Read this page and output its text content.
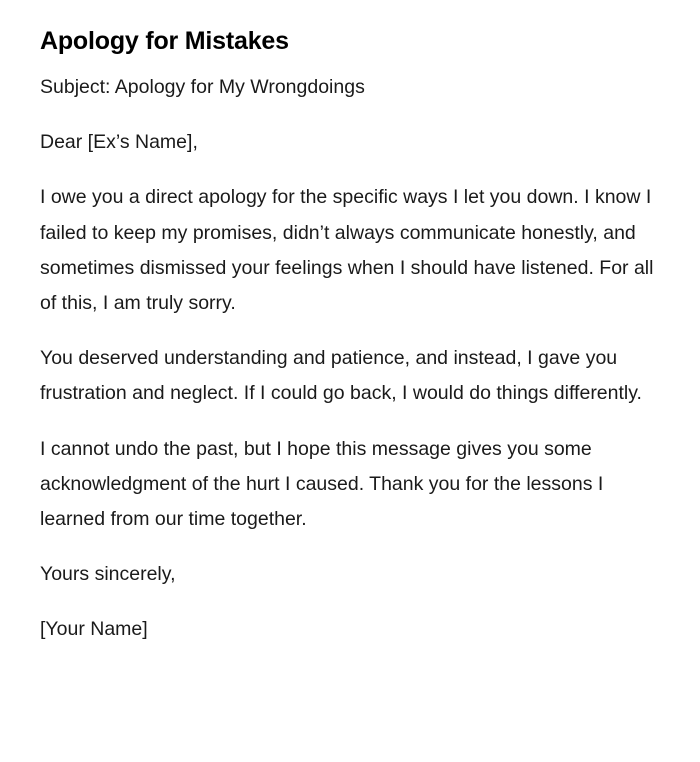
Apology for Mistakes

Subject: Apology for My Wrongdoings

Dear [Ex’s Name],

I owe you a direct apology for the specific ways I let you down. I know I failed to keep my promises, didn’t always communicate honestly, and sometimes dismissed your feelings when I should have listened. For all of this, I am truly sorry.

You deserved understanding and patience, and instead, I gave you frustration and neglect. If I could go back, I would do things differently.

I cannot undo the past, but I hope this message gives you some acknowledgment of the hurt I caused. Thank you for the lessons I learned from our time together.

Yours sincerely,

[Your Name]
